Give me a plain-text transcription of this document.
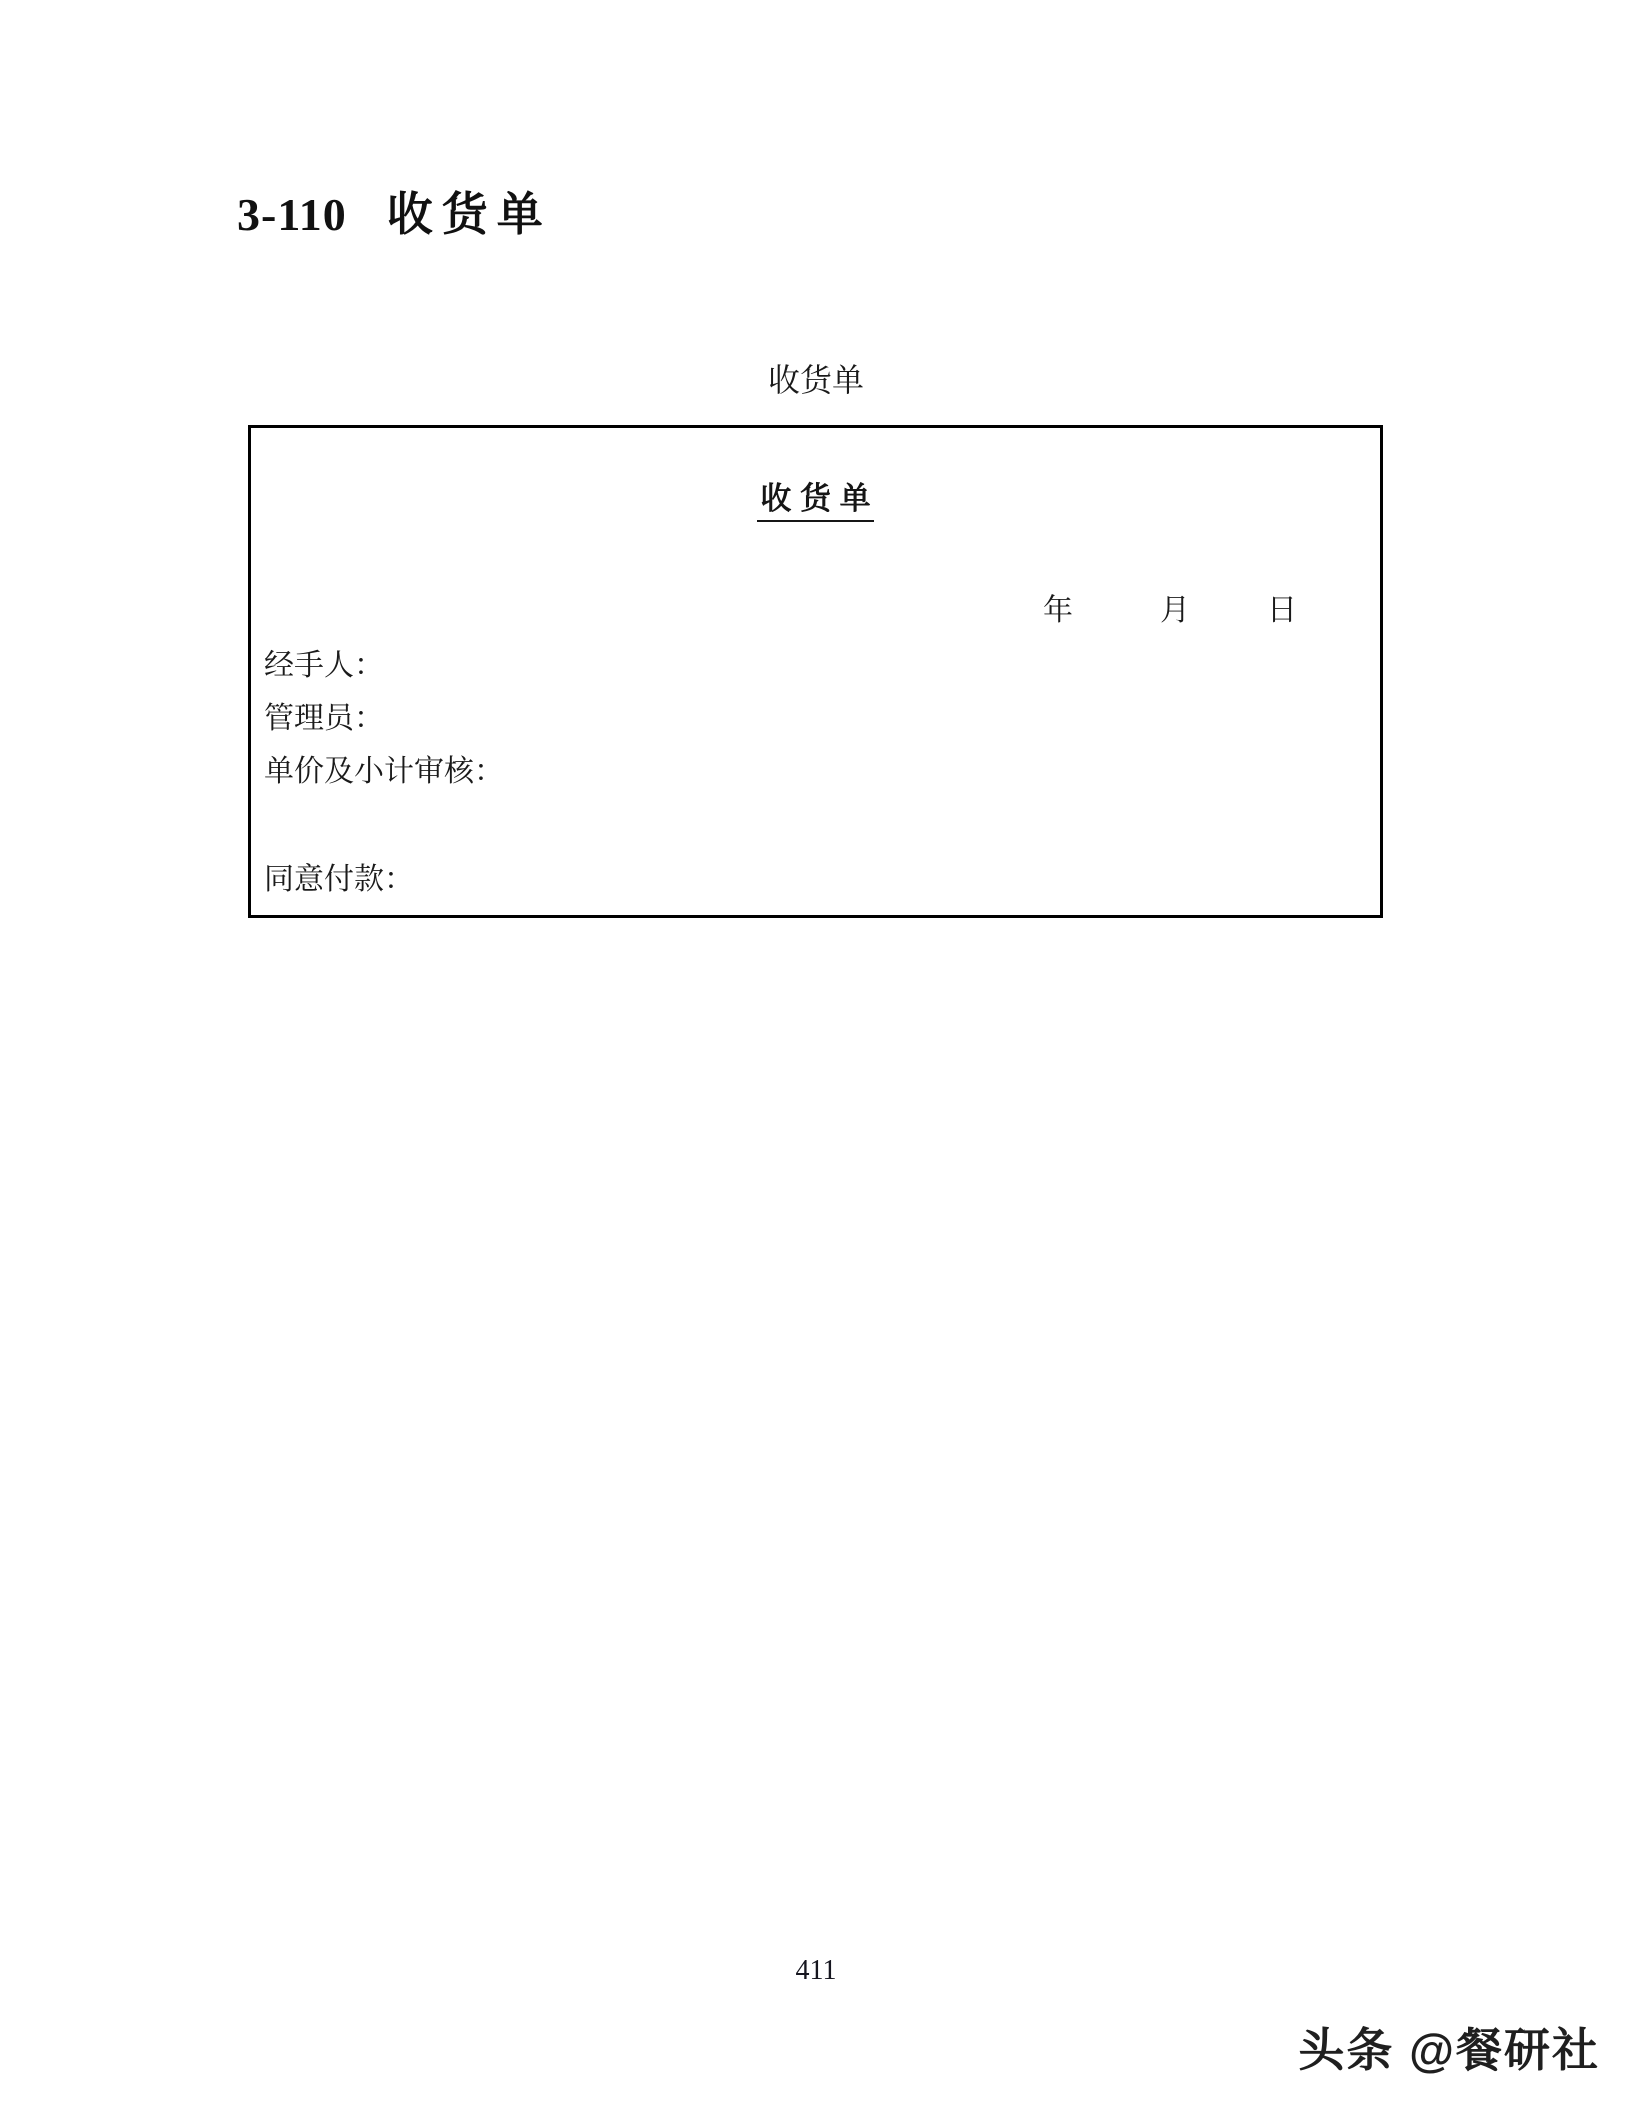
3-110 收货单
收货单
收 货 单
年	月	日
经手人：
管理员：
单价及小计审核：
同意付款：
411
头条 @餐研社
